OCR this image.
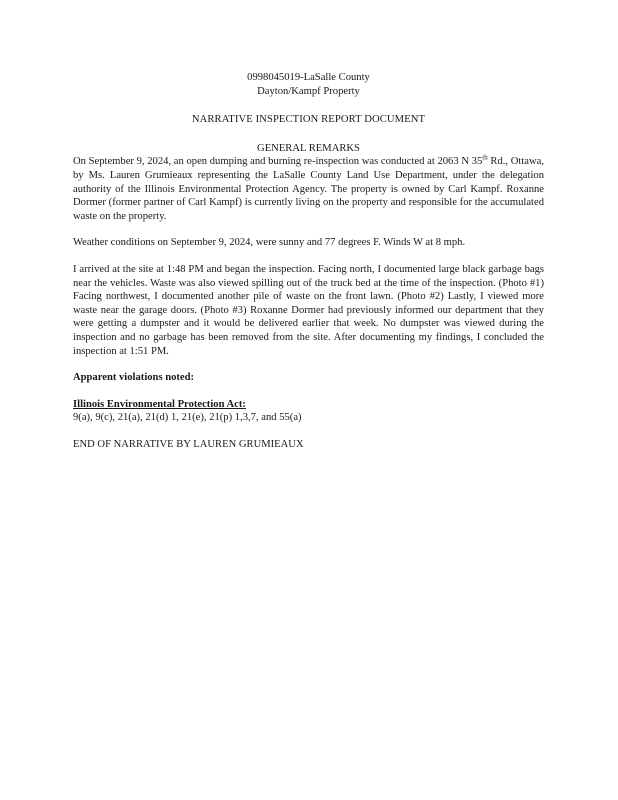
0998045019-LaSalle County
Dayton/Kampf Property
NARRATIVE INSPECTION REPORT DOCUMENT
GENERAL REMARKS

On September 9, 2024, an open dumping and burning re-inspection was conducted at 2063 N 35th Rd., Ottawa, by Ms. Lauren Grumieaux representing the LaSalle County Land Use Department, under the delegation authority of the Illinois Environmental Protection Agency. The property is owned by Carl Kampf. Roxanne Dormer (former partner of Carl Kampf) is currently living on the property and responsible for the accumulated waste on the property.

Weather conditions on September 9, 2024, were sunny and 77 degrees F. Winds W at 8 mph.

I arrived at the site at 1:48 PM and began the inspection. Facing north, I documented large black garbage bags near the vehicles. Waste was also viewed spilling out of the truck bed at the time of the inspection. (Photo #1) Facing northwest, I documented another pile of waste on the front lawn. (Photo #2) Lastly, I viewed more waste near the garage doors. (Photo #3) Roxanne Dormer had previously informed our department that they were getting a dumpster and it would be delivered earlier that week. No dumpster was viewed during the inspection and no garbage has been removed from the site. After documenting my findings, I concluded the inspection at 1:51 PM.

Apparent violations noted:
Illinois Environmental Protection Act:
9(a), 9(c), 21(a), 21(d) 1, 21(e), 21(p) 1,3,7, and 55(a)
END OF NARRATIVE BY LAUREN GRUMIEAUX
